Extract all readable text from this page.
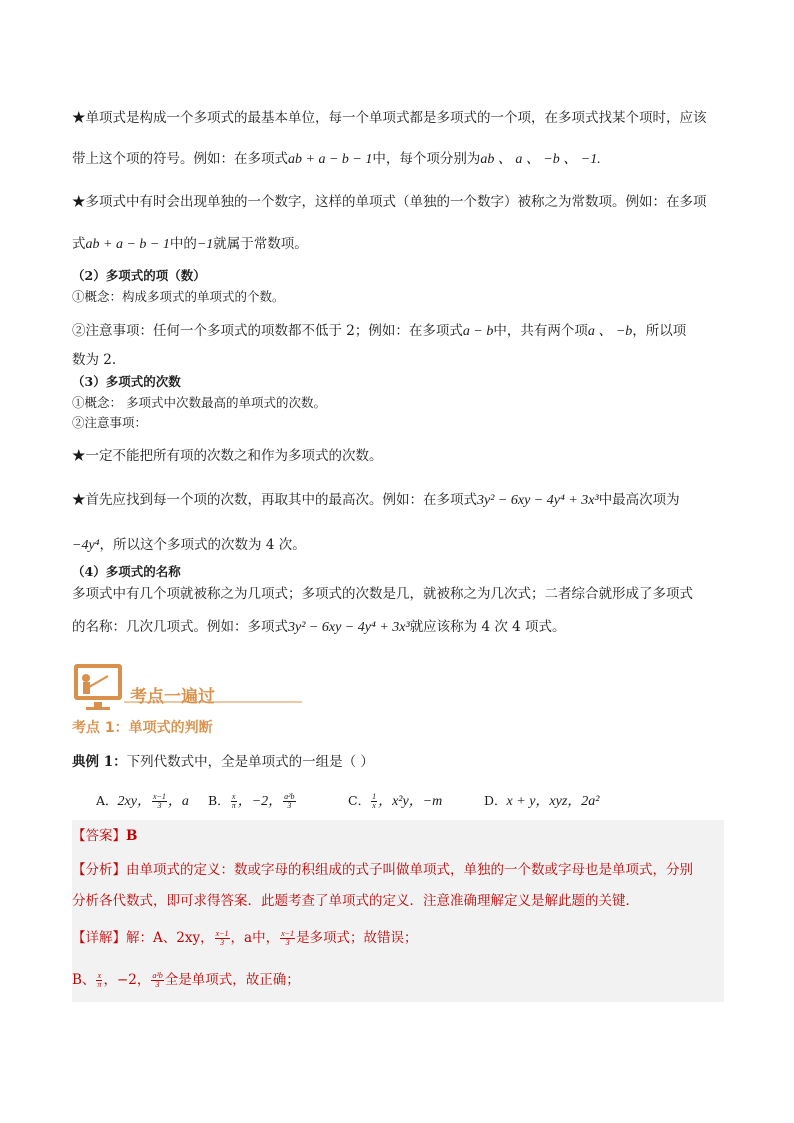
★单项式是构成一个多项式的最基本单位，每一个单项式都是多项式的一个项，在多项式找某个项时，应该
带上这个项的符号。例如：在多项式ab + a − b − 1中，每个项分别为ab 、 a 、 −b 、 −1.
★多项式中有时会出现单独的一个数字，这样的单项式（单独的一个数字）被称之为常数项。例如：在多项
式ab + a − b − 1中的−1就属于常数项。
（2）多项式的项（数）
①概念：构成多项式的单项式的个数。
②注意事项：任何一个多项式的项数都不低于 2；例如：在多项式a − b中，共有两个项a 、 −b，所以项
数为 2.
（3）多项式的次数
①概念： 多项式中次数最高的单项式的次数。
②注意事项：
★一定不能把所有项的次数之和作为多项式的次数。
★首先应找到每一个项的次数，再取其中的最高次。例如：在多项式3y² − 6xy − 4y⁴ + 3x³中最高次项为
−4y⁴，所以这个多项式的次数为 4 次。
（4）多项式的名称
多项式中有几个项就被称之为几项式；多项式的次数是几，就被称之为几次式；二者综合就形成了多项式
的名称：几次几项式。例如：多项式3y² − 6xy − 4y⁴ + 3x³就应该称为 4 次 4 项式。
考点一遍过
考点 1：单项式的判断
典例 1：下列代数式中，全是单项式的一组是（ ）
A．2xy， $\frac{x-1}{3}$ ，a B． $\frac{x}{\pi}$ ，−2， $\frac{\text{a²b}}{3}$	C． $\frac{1}{x}$ ，x²y，−m	D．x + y，xyz，2a²
【答案】B
【分析】由单项式的定义：数或字母的积组成的式子叫做单项式，单独的一个数或字母也是单项式，分别
分析各代数式，即可求得答案．此题考查了单项式的定义．注意准确理解定义是解此题的关键．
【详解】解：A、2xy， $\frac{x-1}{3}$ ，a中， $\frac{x-1}{3}$ 是多项式；故错误；
B、 $\frac{x}{\pi}$ ，−2， $\frac{\text{a²b}}{3}$ 全是单项式，故正确；
